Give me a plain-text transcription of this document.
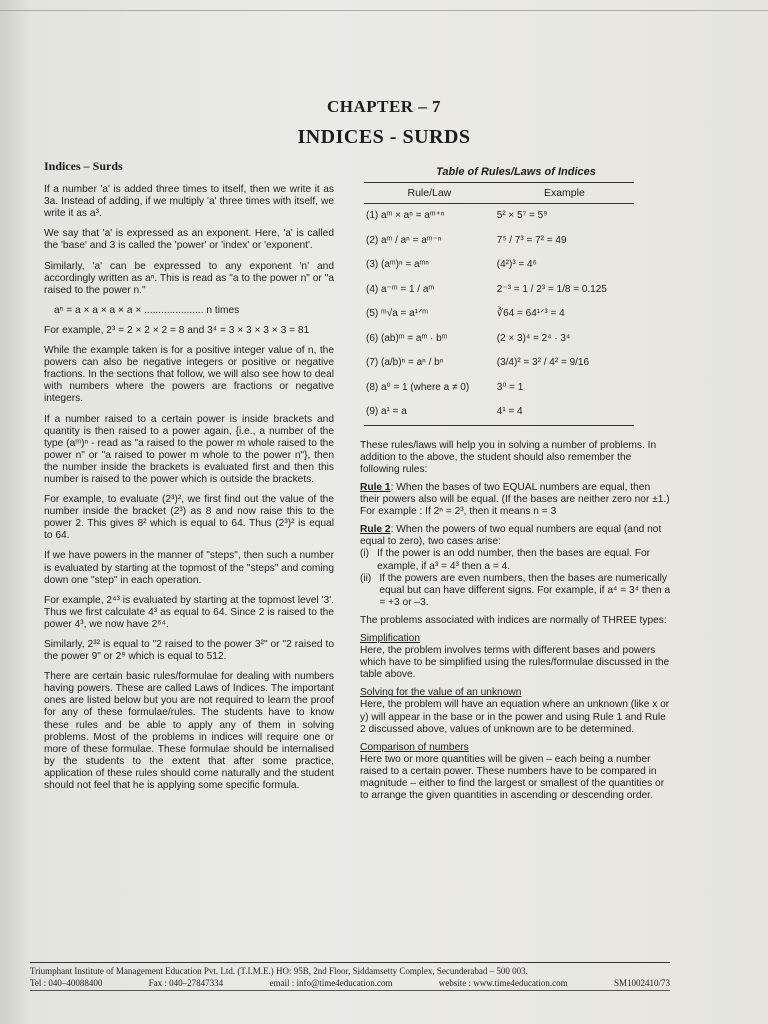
CHAPTER – 7
INDICES - SURDS
Indices – Surds

If a number 'a' is added three times to itself, then we write it as 3a. Instead of adding, if we multiply 'a' three times with itself, we write it as a³.

We say that 'a' is expressed as an exponent. Here, 'a' is called the 'base' and 3 is called the 'power' or 'index' or 'exponent'.

Similarly, 'a' can be expressed to any exponent 'n' and accordingly written as aⁿ. This is read as "a to the power n" or "a raised to the power n."

aⁿ = a × a × a × a × ..................... n times

For example, 2³ = 2 × 2 × 2 = 8 and 3⁴ = 3 × 3 × 3 × 3 = 81

While the example taken is for a positive integer value of n, the powers can also be negative integers or positive or negative fractions. In the sections that follow, we will also see how to deal with numbers where the powers are fractions or negative integers.

If a number raised to a certain power is inside brackets and quantity is then raised to a power again, {i.e., a number of the type (aᵐ)ⁿ - read as "a raised to the power m whole raised to the power n" or "a raised to power m whole to the power n"}, then the number inside the brackets is evaluated first and then this number is raised to the power which is outside the brackets.

For example, to evaluate (2³)², we first find out the value of the number inside the bracket (2³) as 8 and now raise this to the power 2. This gives 8² which is equal to 64. Thus (2³)² is equal to 64.

If we have powers in the manner of "steps", then such a number is evaluated by starting at the topmost of the "steps" and coming down one "step" in each operation.

For example, 2⁴³ is evaluated by starting at the topmost level '3'. Thus we first calculate 4³ as equal to 64. Since 2 is raised to the power 4³, we now have 2⁶⁴.

Similarly, 2³² is equal to "2 raised to the power 3²" or "2 raised to the power 9" or 2⁹ which is equal to 512.

There are certain basic rules/formulae for dealing with numbers having powers. These are called Laws of Indices. The important ones are listed below but you are not required to learn the proof for any of these formulae/rules. The students have to know these rules and be able to apply any of them in solving problems. Most of the problems in indices will require one or more of these formulae. These formulae should be internalised by the students to the extent that after some practice, application of these rules should come naturally and the student should not feel that he is applying some specific formula.

Table of Rules/Laws of Indices
Rule/Law	Example
(1) aᵐ × aⁿ = aᵐ⁺ⁿ	5² × 5⁷ = 5⁹
(2) aᵐ / aⁿ = aᵐ⁻ⁿ	7⁵ / 7³ = 7² = 49
(3) (aᵐ)ⁿ = aᵐⁿ	(4²)³ = 4⁶
(4) a⁻ᵐ = 1 / aᵐ	2⁻³ = 1 / 2³ = 1/8 = 0.125
(5) ᵐ√a = a¹ᐟᵐ	∛64 = 64¹ᐟ³ = 4
(6) (ab)ᵐ = aᵐ · bᵐ	(2 × 3)⁴ = 2⁴ · 3⁴
(7) (a/b)ⁿ = aⁿ / bⁿ	(3/4)² = 3² / 4² = 9/16
(8) a⁰ = 1 (where a ≠ 0)	3⁰ = 1
(9) a¹ = a	4¹ = 4

These rules/laws will help you in solving a number of problems. In addition to the above, the student should also remember the following rules:

Rule 1: When the bases of two EQUAL numbers are equal, then their powers also will be equal. (If the bases are neither zero nor ±1.)
For example : If 2ⁿ = 2³, then it means n = 3
Rule 2: When the powers of two equal numbers are equal (and not equal to zero), two cases arise:
(i) If the power is an odd number, then the bases are equal. For example, if a³ = 4³ then a = 4.
(ii) If the powers are even numbers, then the bases are numerically equal but can have different signs. For example, if a⁴ = 3⁴ then a = +3 or –3.

The problems associated with indices are normally of THREE types:

Simplification

Here, the problem involves terms with different bases and powers which have to be simplified using the rules/formulae discussed in the table above.

Solving for the value of an unknown

Here, the problem will have an equation where an unknown (like x or y) will appear in the base or in the power and using Rule 1 and Rule 2 discussed above, values of unknown are to be determined.

Comparison of numbers

Here two or more quantities will be given – each being a number raised to a certain power. These numbers have to be compared in magnitude – either to find the largest or smallest of the quantities or to arrange the given quantities in ascending or descending order.

Triumphant Institute of Management Education Pvt. Ltd. (T.I.M.E.) HO: 95B, 2nd Floor, Siddamsetty Complex, Secunderabad – 500 003.
Tel : 040–40088400	Fax : 040–27847334	email : info@time4education.com	website : www.time4education.com	SM1002410/73
